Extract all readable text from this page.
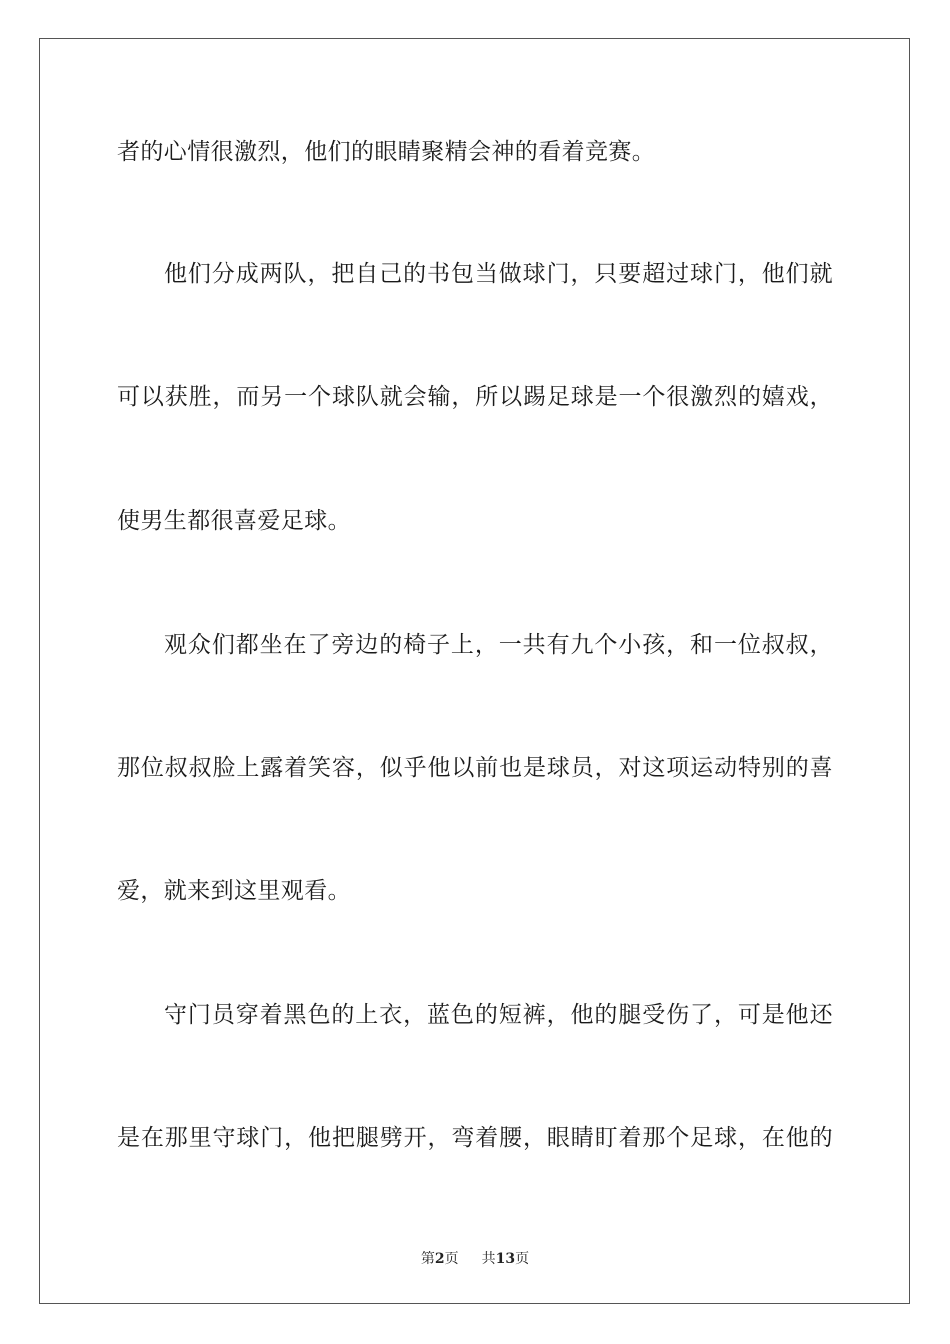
者的心情很激烈，他们的眼睛聚精会神的看着竞赛。
他们分成两队，把自己的书包当做球门，只要超过球门，他们就
可以获胜，而另一个球队就会输，所以踢足球是一个很激烈的嬉戏，
使男生都很喜爱足球。
观众们都坐在了旁边的椅子上，一共有九个小孩，和一位叔叔，
那位叔叔脸上露着笑容，似乎他以前也是球员，对这项运动特别的喜
爱，就来到这里观看。
守门员穿着黑色的上衣，蓝色的短裤，他的腿受伤了，可是他还
是在那里守球门，他把腿劈开，弯着腰，眼睛盯着那个足球，在他的
第2页 共13页
